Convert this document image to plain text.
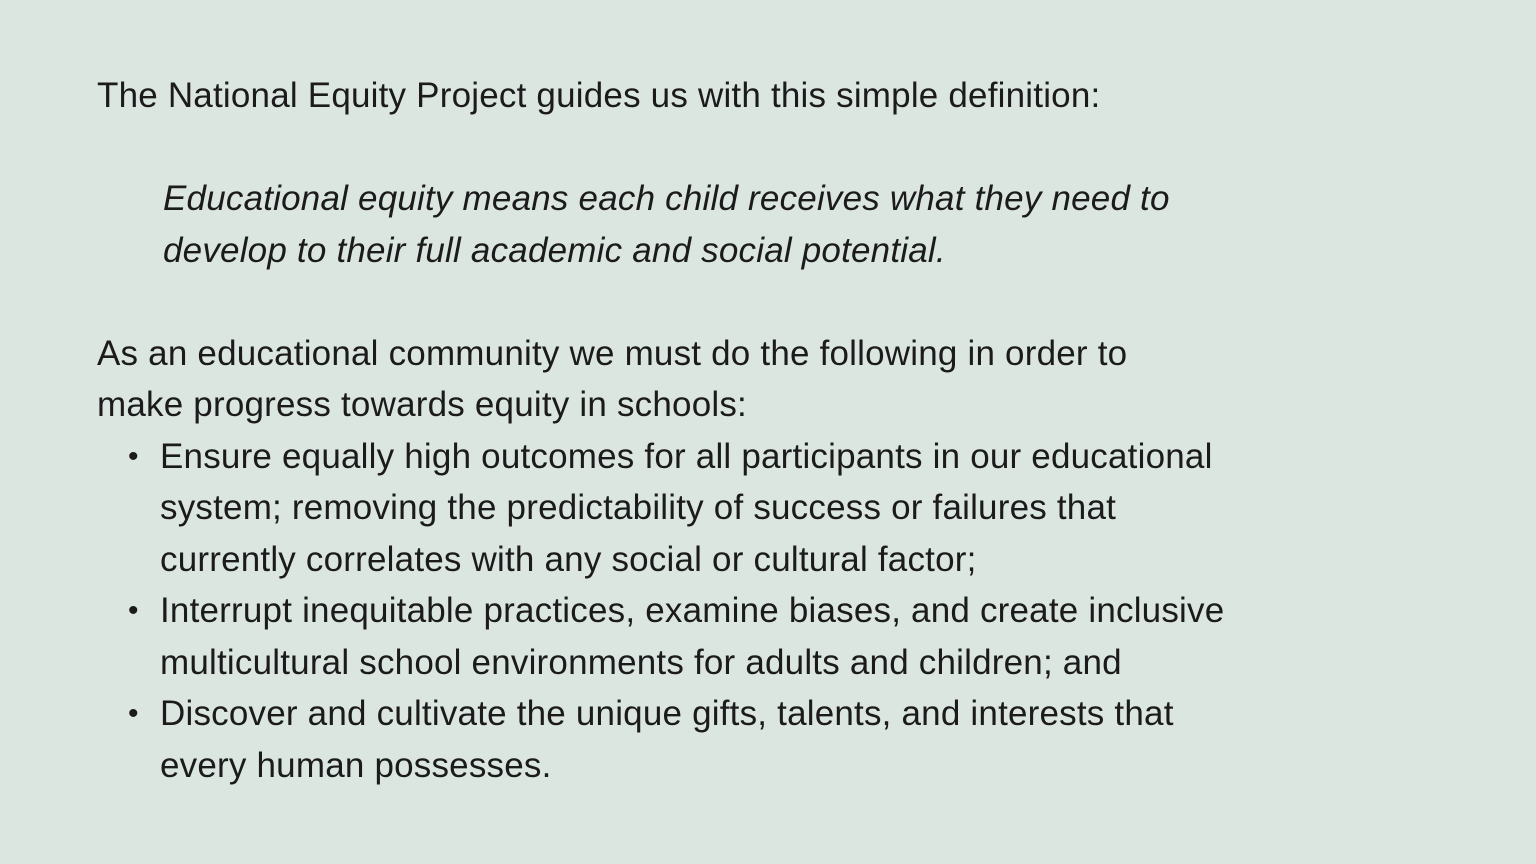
The National Equity Project guides us with this simple definition:
Educational equity means each child receives what they need to
develop to their full academic and social potential.
As an educational community we must do the following in order to
make progress towards equity in schools:
• Ensure equally high outcomes for all participants in our educational
system; removing the predictability of success or failures that
currently correlates with any social or cultural factor;
• Interrupt inequitable practices, examine biases, and create inclusive
multicultural school environments for adults and children; and
• Discover and cultivate the unique gifts, talents, and interests that
every human possesses.
